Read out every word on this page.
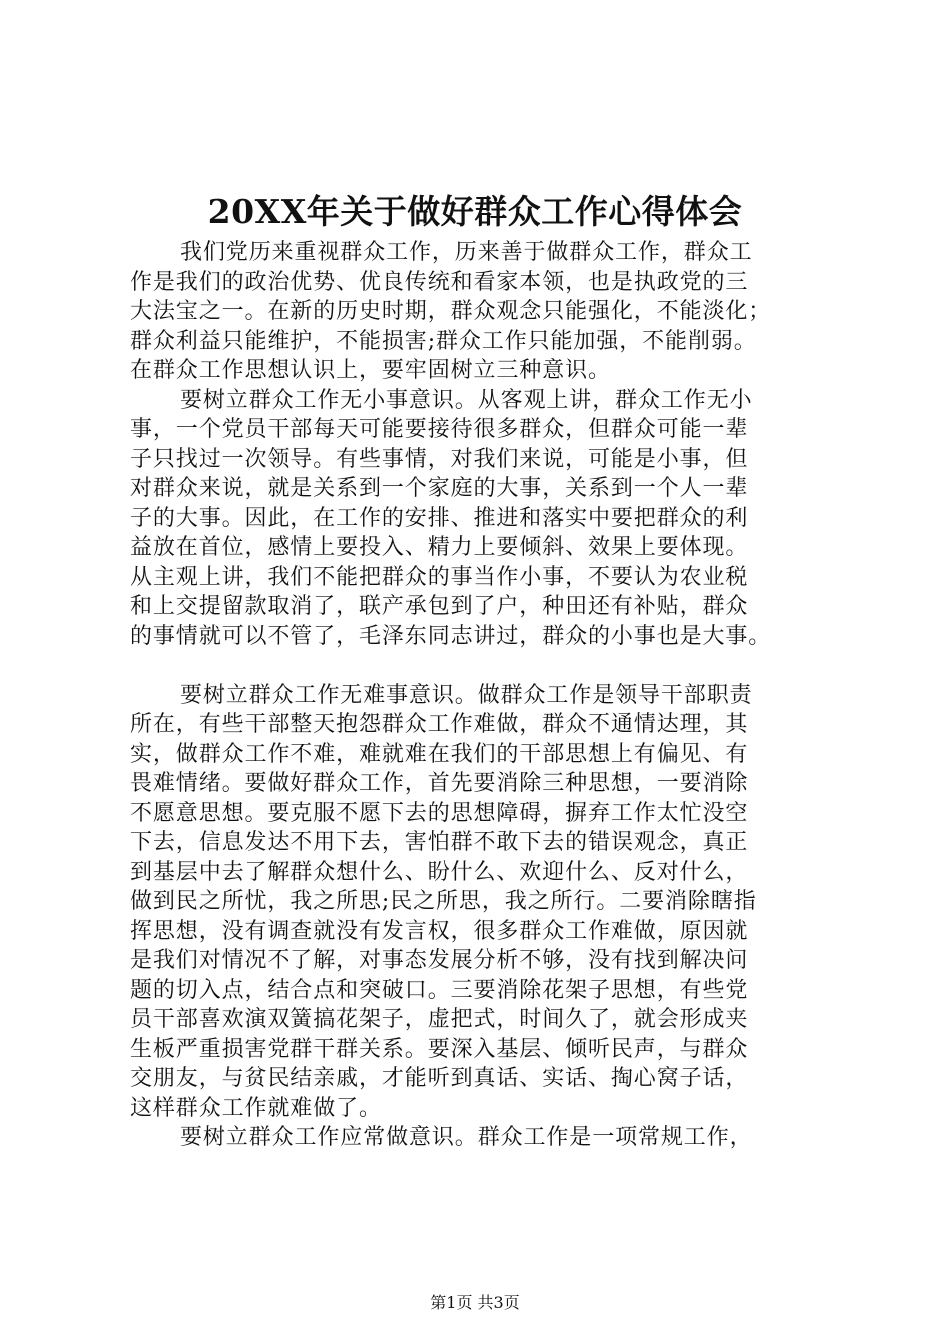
20XX年关于做好群众工作心得体会
我们党历来重视群众工作，历来善于做群众工作，群众工
作是我们的政治优势、优良传统和看家本领，也是执政党的三
大法宝之一。在新的历史时期，群众观念只能强化，不能淡化；
群众利益只能维护，不能损害;群众工作只能加强，不能削弱。
在群众工作思想认识上，要牢固树立三种意识。
要树立群众工作无小事意识。从客观上讲，群众工作无小
事，一个党员干部每天可能要接待很多群众，但群众可能一辈
子只找过一次领导。有些事情，对我们来说，可能是小事，但
对群众来说，就是关系到一个家庭的大事，关系到一个人一辈
子的大事。因此，在工作的安排、推进和落实中要把群众的利
益放在首位，感情上要投入、精力上要倾斜、效果上要体现。
从主观上讲，我们不能把群众的事当作小事，不要认为农业税
和上交提留款取消了，联产承包到了户，种田还有补贴，群众
的事情就可以不管了，毛泽东同志讲过，群众的小事也是大事。
要树立群众工作无难事意识。做群众工作是领导干部职责
所在，有些干部整天抱怨群众工作难做，群众不通情达理，其
实，做群众工作不难，难就难在我们的干部思想上有偏见、有
畏难情绪。要做好群众工作，首先要消除三种思想，一要消除
不愿意思想。要克服不愿下去的思想障碍，摒弃工作太忙没空
下去，信息发达不用下去，害怕群不敢下去的错误观念，真正
到基层中去了解群众想什么、盼什么、欢迎什么、反对什么，
做到民之所忧，我之所思;民之所思，我之所行。二要消除瞎指
挥思想，没有调查就没有发言权，很多群众工作难做，原因就
是我们对情况不了解，对事态发展分析不够，没有找到解决问
题的切入点，结合点和突破口。三要消除花架子思想，有些党
员干部喜欢演双簧搞花架子，虚把式，时间久了，就会形成夹
生板严重损害党群干群关系。要深入基层、倾听民声，与群众
交朋友，与贫民结亲戚，才能听到真话、实话、掏心窝子话，
这样群众工作就难做了。
要树立群众工作应常做意识。群众工作是一项常规工作，
第1页 共3页
